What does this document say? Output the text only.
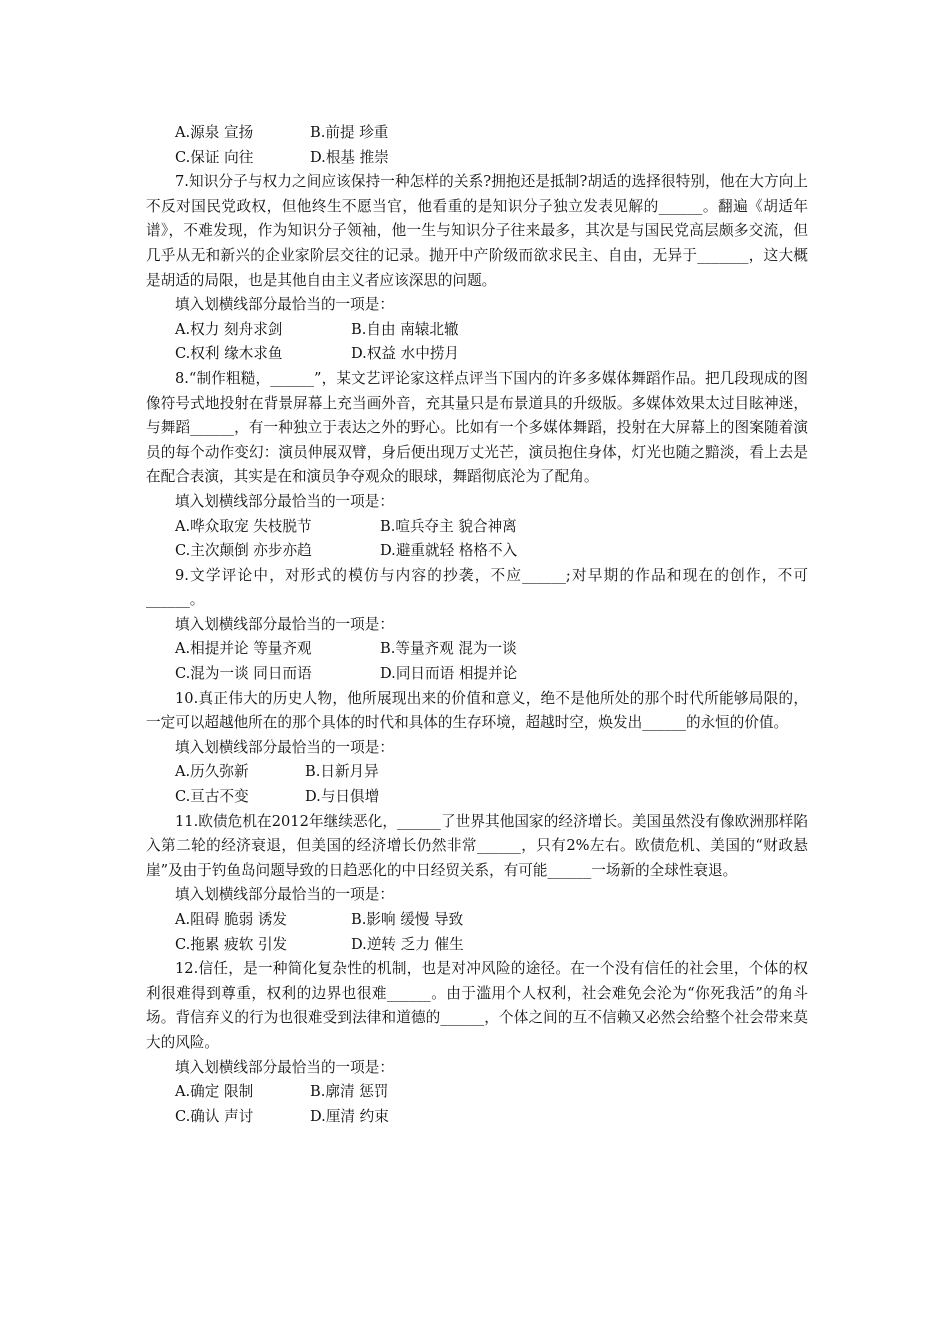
A.源泉 宣扬	B.前提 珍重
C.保证 向往	D.根基 推崇
7.知识分子与权力之间应该保持一种怎样的关系?拥抱还是抵制?胡适的选择很特别，他在大方向上不反对国民党政权，但他终生不愿当官，他看重的是知识分子独立发表见解的______。翻遍《胡适年谱》，不难发现，作为知识分子领袖，他一生与知识分子往来最多，其次是与国民党高层颇多交流，但几乎从无和新兴的企业家阶层交往的记录。抛开中产阶级而欲求民主、自由，无异于_______，这大概是胡适的局限，也是其他自由主义者应该深思的问题。
填入划横线部分最恰当的一项是：
A.权力 刻舟求剑	B.自由 南辕北辙
C.权利 缘木求鱼	D.权益 水中捞月
8.“制作粗糙，______”，某文艺评论家这样点评当下国内的许多多媒体舞蹈作品。把几段现成的图像符号式地投射在背景屏幕上充当画外音，充其量只是布景道具的升级版。多媒体效果太过目眩神迷，与舞蹈______，有一种独立于表达之外的野心。比如有一个多媒体舞蹈，投射在大屏幕上的图案随着演员的每个动作变幻：演员伸展双臂，身后便出现万丈光芒，演员抱住身体，灯光也随之黯淡，看上去是在配合表演，其实是在和演员争夺观众的眼球，舞蹈彻底沦为了配角。
填入划横线部分最恰当的一项是：
A.哗众取宠 失枝脱节	B.喧兵夺主 貌合神离
C.主次颠倒 亦步亦趋	D.避重就轻 格格不入
9.文学评论中，对形式的模仿与内容的抄袭，不应______;对早期的作品和现在的创作，不可______。
填入划横线部分最恰当的一项是：
A.相提并论 等量齐观	B.等量齐观 混为一谈
C.混为一谈 同日而语	D.同日而语 相提并论
10.真正伟大的历史人物，他所展现出来的价值和意义，绝不是他所处的那个时代所能够局限的，一定可以超越他所在的那个具体的时代和具体的生存环境，超越时空，焕发出______的永恒的价值。
填入划横线部分最恰当的一项是：
A.历久弥新	B.日新月异
C.亘古不变	D.与日俱增
11.欧债危机在2012年继续恶化，______了世界其他国家的经济增长。美国虽然没有像欧洲那样陷入第二轮的经济衰退，但美国的经济增长仍然非常______，只有2%左右。欧债危机、美国的“财政悬崖”及由于钓鱼岛问题导致的日趋恶化的中日经贸关系，有可能______一场新的全球性衰退。
填入划横线部分最恰当的一项是：
A.阻碍 脆弱 诱发	B.影响 缓慢 导致
C.拖累 疲软 引发	D.逆转 乏力 催生
12.信任，是一种简化复杂性的机制，也是对冲风险的途径。在一个没有信任的社会里，个体的权利很难得到尊重，权利的边界也很难______。由于滥用个人权利，社会难免会沦为“你死我活”的角斗场。背信弃义的行为也很难受到法律和道德的______，个体之间的互不信赖又必然会给整个社会带来莫大的风险。
填入划横线部分最恰当的一项是：
A.确定 限制	B.廓清 惩罚
C.确认 声讨	D.厘清 约束
